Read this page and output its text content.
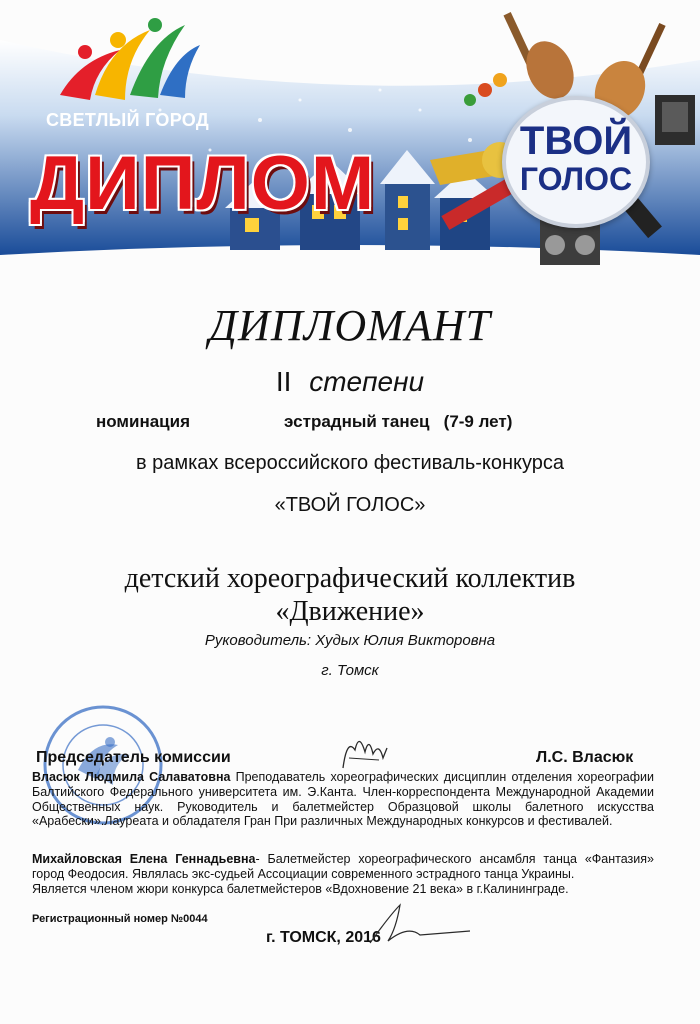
СВЕТЛЫЙ ГОРОД
ДИПЛОМ	ТВОЙ
ГОЛОС
ДИПЛОМАНТ
II степени
номинация	эстрадный танец   (7-9 лет)
в рамках всероссийского фестиваль-конкурса
«ТВОЙ ГОЛОС»
детский хореографический коллектив
«Движение»
Руководитель: Худых Юлия Викторовна
г. Томск
Председатель комиссии	Л.С. Власюк
Власюк Людмила Салаватовна Преподаватель хореографических дисциплин отделения хореографии Балтийского Федерального университета им. Э.Канта. Член-корреспондента Международной Академии Общественных наук. Руководитель и балетмейстер Образцовой школы балетного искусства «Арабески».Лауреата и обладателя Гран При различных Международных конкурсов и фестивалей.
Михайловская Елена Геннадьевна- Балетмейстер хореографического ансамбля танца «Фантазия» город Феодосия. Являлась экс-судьей Ассоциации современного эстрадного танца Украины.
Является членом жюри конкурса балетмейстеров «Вдохновение 21 века» в г.Калининграде.
Регистрационный номер №0044
г. ТОМСК, 2016
